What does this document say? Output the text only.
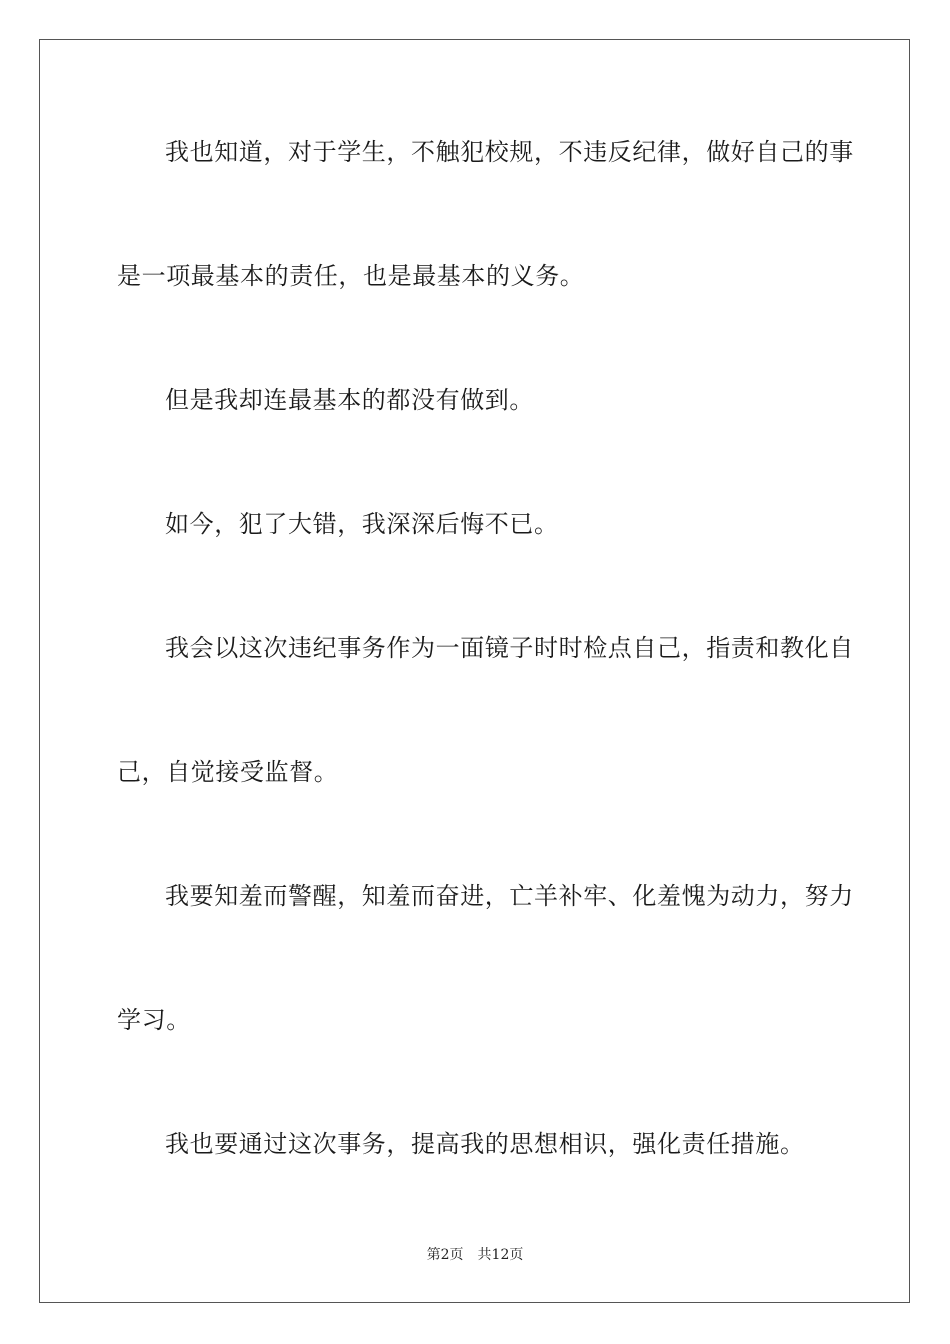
我也知道，对于学生，不触犯校规，不违反纪律，做好自己的事
是一项最基本的责任，也是最基本的义务。
但是我却连最基本的都没有做到。
如今，犯了大错，我深深后悔不已。
我会以这次违纪事务作为一面镜子时时检点自己，指责和教化自
己，自觉接受监督。
我要知羞而警醒，知羞而奋进，亡羊补牢、化羞愧为动力，努力
学习。
我也要通过这次事务，提高我的思想相识，强化责任措施。
第2页 共12页
